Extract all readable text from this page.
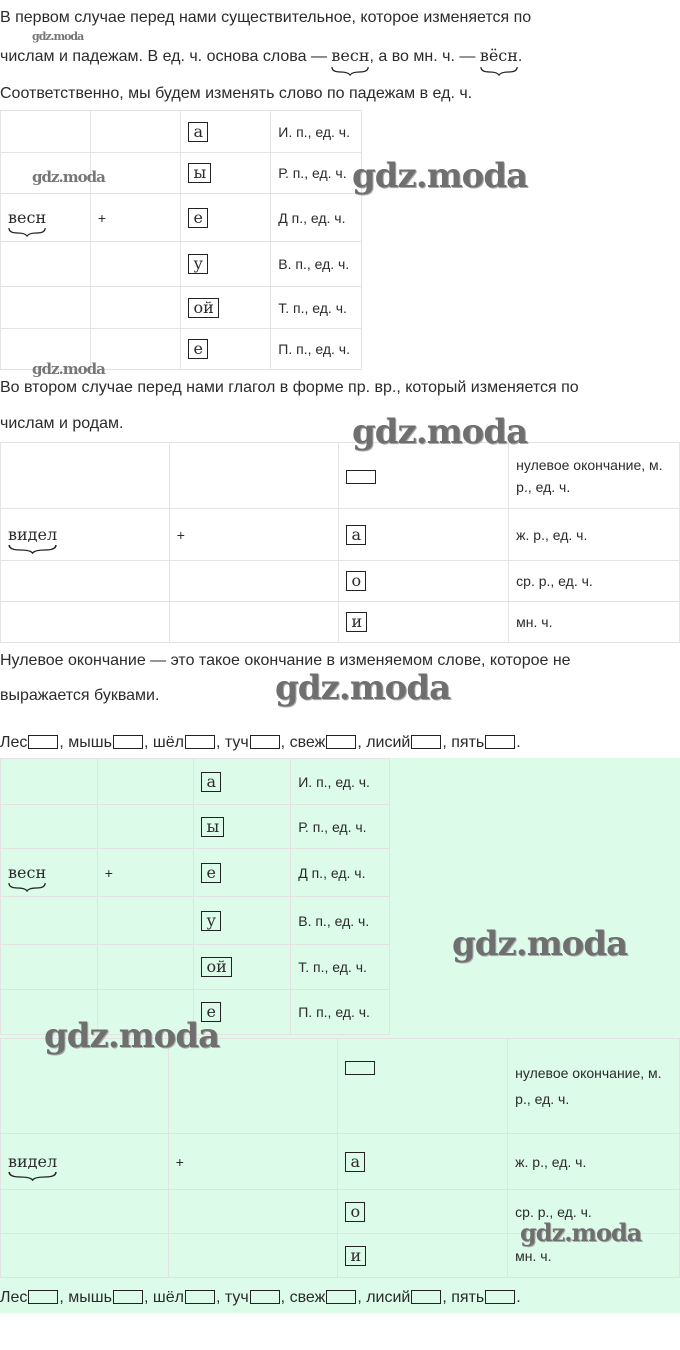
В первом случае перед нами существительное, которое изменяется по

числам и падежам. В ед. ч. основа слова — весн
, а во мн. ч. — вёсн
.

Соответственно, мы будем изменять слово по падежам в ед. ч.

		а	И. п., ед. ч.
		ы	Р. п., ед. ч.
весн	+	е	Д п., ед. ч.
		у	В. п., ед. ч.
		ой	Т. п., ед. ч.
		е	П. п., ед. ч.

Во втором случае перед нами глагол в форме пр. вр., который изменяется по

числам и родам.

			нулевое окончание, м. р., ед. ч.
видел	+	а	ж. р., ед. ч.
		о	ср. р., ед. ч.
		и	мн. ч.

Нулевое окончание — это такое окончание в изменяемом слове, которое не

выражается буквами.

Лес , мышь , шёл , туч , свеж , лисий , пять .
		а	И. п., ед. ч.
		ы	Р. п., ед. ч.
весн	+	е	Д п., ед. ч.
		у	В. п., ед. ч.
		ой	Т. п., ед. ч.
		е	П. п., ед. ч.
			нулевое окончание, м. р., ед. ч.
видел	+	а	ж. р., ед. ч.
		о	ср. р., ед. ч.
		и	мн. ч.
Лес , мышь , шёл , туч , свеж , лисий , пять .
gdz.moda
gdz.moda	gdz.moda
gdz.moda
gdz.moda
gdz.moda
gdz.moda
gdz.moda
gdz.moda
